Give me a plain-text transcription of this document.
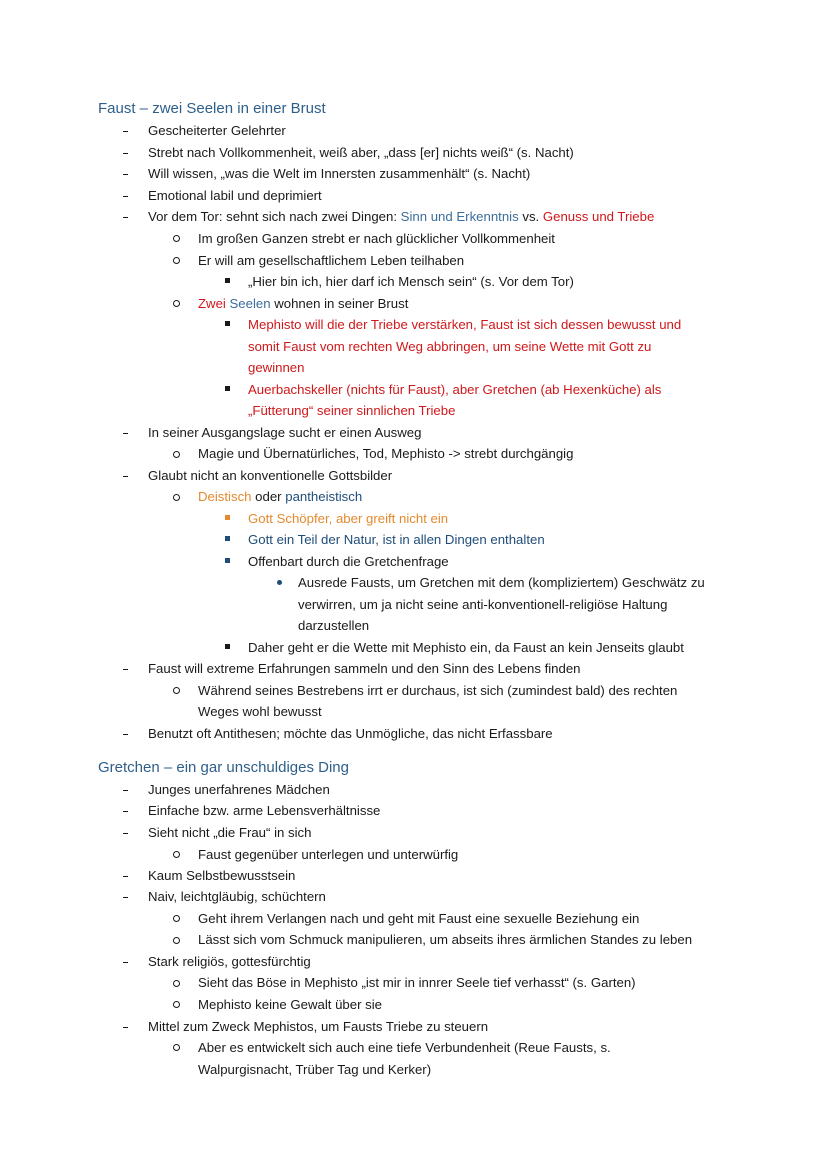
Faust – zwei Seelen in einer Brust
Gescheiterter Gelehrter
Strebt nach Vollkommenheit, weiß aber, „dass [er] nichts weiß“ (s. Nacht)
Will wissen, „was die Welt im Innersten zusammenhält“ (s. Nacht)
Emotional labil und deprimiert
Vor dem Tor: sehnt sich nach zwei Dingen: Sinn und Erkenntnis vs. Genuss und Triebe
Im großen Ganzen strebt er nach glücklicher Vollkommenheit
Er will am gesellschaftlichem Leben teilhaben
„Hier bin ich, hier darf ich Mensch sein“ (s. Vor dem Tor)
Zwei Seelen wohnen in seiner Brust
Mephisto will die der Triebe verstärken, Faust ist sich dessen bewusst und
somit Faust vom rechten Weg abbringen, um seine Wette mit Gott zu
gewinnen
Auerbachskeller (nichts für Faust), aber Gretchen (ab Hexenküche) als
„Fütterung“ seiner sinnlichen Triebe
In seiner Ausgangslage sucht er einen Ausweg
Magie und Übernatürliches, Tod, Mephisto -> strebt durchgängig
Glaubt nicht an konventionelle Gottsbilder
Deistisch oder pantheistisch
Gott Schöpfer, aber greift nicht ein
Gott ein Teil der Natur, ist in allen Dingen enthalten
Offenbart durch die Gretchenfrage
Ausrede Fausts, um Gretchen mit dem (kompliziertem) Geschwätz zu
verwirren, um ja nicht seine anti-konventionell-religiöse Haltung
darzustellen
Daher geht er die Wette mit Mephisto ein, da Faust an kein Jenseits glaubt
Faust will extreme Erfahrungen sammeln und den Sinn des Lebens finden
Während seines Bestrebens irrt er durchaus, ist sich (zumindest bald) des rechten
Weges wohl bewusst
Benutzt oft Antithesen; möchte das Unmögliche, das nicht Erfassbare
Gretchen – ein gar unschuldiges Ding
Junges unerfahrenes Mädchen
Einfache bzw. arme Lebensverhältnisse
Sieht nicht „die Frau“ in sich
Faust gegenüber unterlegen und unterwürfig
Kaum Selbstbewusstsein
Naiv, leichtgläubig, schüchtern
Geht ihrem Verlangen nach und geht mit Faust eine sexuelle Beziehung ein
Lässt sich vom Schmuck manipulieren, um abseits ihres ärmlichen Standes zu leben
Stark religiös, gottesfürchtig
Sieht das Böse in Mephisto „ist mir in innrer Seele tief verhasst“ (s. Garten)
Mephisto keine Gewalt über sie
Mittel zum Zweck Mephistos, um Fausts Triebe zu steuern
Aber es entwickelt sich auch eine tiefe Verbundenheit (Reue Fausts, s.
Walpurgisnacht, Trüber Tag und Kerker)
